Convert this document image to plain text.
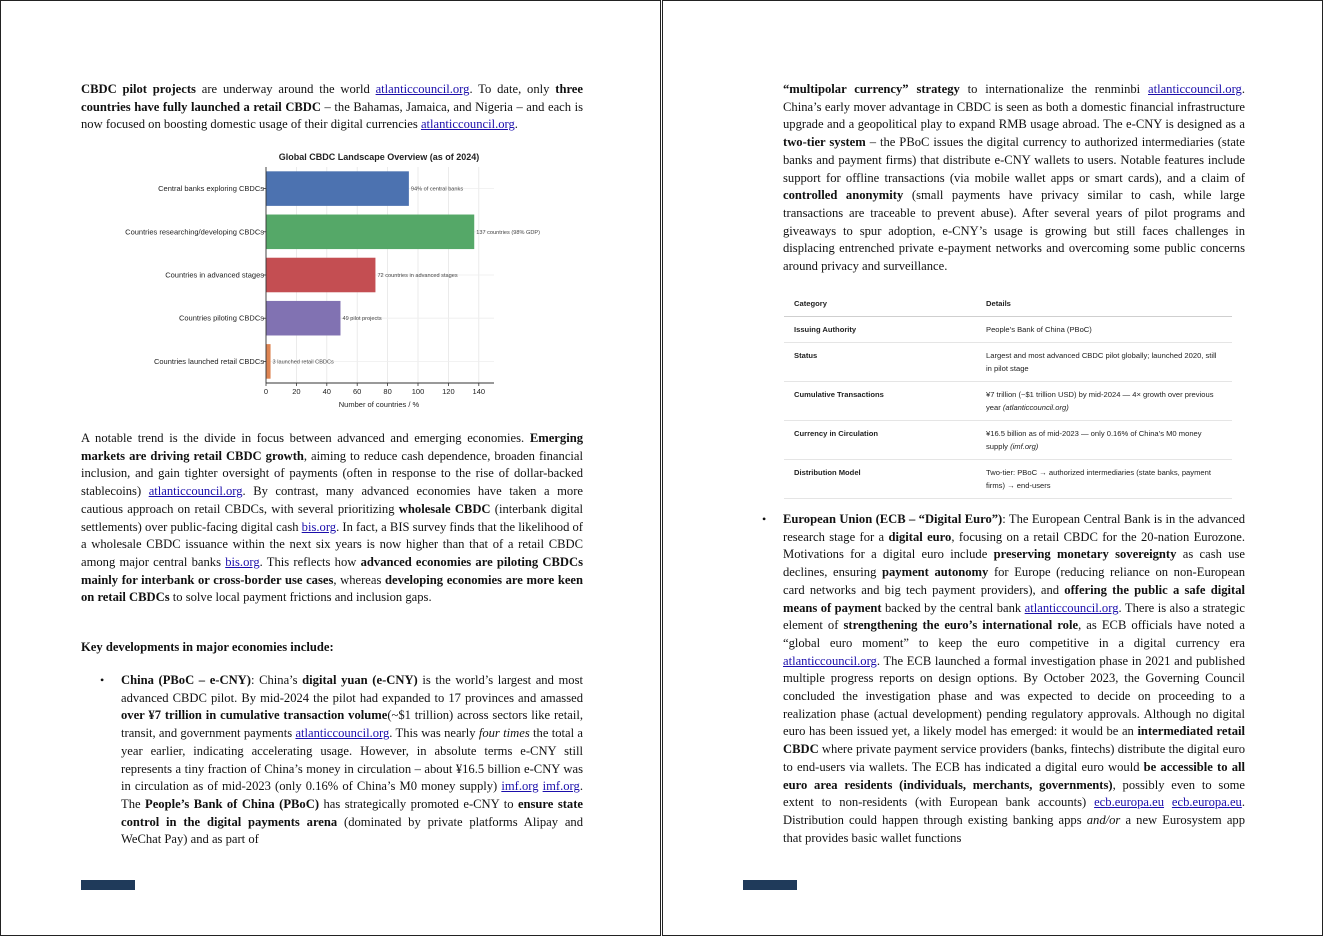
CBDC pilot projects are underway around the world atlanticcouncil.org. To date, only three countries have fully launched a retail CBDC – the Bahamas, Jamaica, and Nigeria – and each is now focused on boosting domestic usage of their digital currencies atlanticcouncil.org.

Global CBDC Landscape Overview (as of 2024)
94% of central banks
137 countries (98% GDP)
72 countries in advanced stages
49 pilot projects
3 launched retail CBDCs
0	20	40	60	80	100 120 140
Central banks exploring CBDCs
Countries researching/developing CBDCs
Countries in advanced stages
Countries piloting CBDCs
Countries launched retail CBDCs
Number of countries / %

A notable trend is the divide in focus between advanced and emerging economies. Emerging markets are driving retail CBDC growth, aiming to reduce cash dependence, broaden financial inclusion, and gain tighter oversight of payments (often in response to the rise of dollar-backed stablecoins) atlanticcouncil.org. By contrast, many advanced economies have taken a more cautious approach on retail CBDCs, with several prioritizing wholesale CBDC (interbank digital settlements) over public-facing digital cash bis.org. In fact, a BIS survey finds that the likelihood of a wholesale CBDC issuance within the next six years is now higher than that of a retail CBDC among major central banks bis.org. This reflects how advanced economies are piloting CBDCs mainly for interbank or cross-border use cases, whereas developing economies are more keen on retail CBDCs to solve local payment frictions and inclusion gaps.

Key developments in major economies include:

• China (PBoC – e-CNY): China’s digital yuan (e-CNY) is the world’s largest and most advanced CBDC pilot. By mid-2024 the pilot had expanded to 17 provinces and amassed over ¥7 trillion in cumulative transaction volume(~$1 trillion) across sectors like retail, transit, and government payments atlanticcouncil.org. This was nearly four times the total a year earlier, indicating accelerating usage. However, in absolute terms e-CNY still represents a tiny fraction of China’s money in circulation – about ¥16.5 billion e-CNY was in circulation as of mid-2023 (only 0.16% of China’s M0 money supply) imf.org imf.org. The People’s Bank of China (PBoC) has strategically promoted e-CNY to ensure state control in the digital payments arena (dominated by private platforms Alipay and WeChat Pay) and as part of

“multipolar currency” strategy to internationalize the renminbi atlanticcouncil.org. China’s early mover advantage in CBDC is seen as both a domestic financial infrastructure upgrade and a geopolitical play to expand RMB usage abroad. The e-CNY is designed as a two-tier system – the PBoC issues the digital currency to authorized intermediaries (state banks and payment firms) that distribute e-CNY wallets to users. Notable features include support for offline transactions (via mobile wallet apps or smart cards), and a claim of controlled anonymity (small payments have privacy similar to cash, while large transactions are traceable to prevent abuse). After several years of pilot programs and giveaways to spur adoption, e-CNY’s usage is growing but still faces challenges in displacing entrenched private e-payment networks and overcoming some public concerns around privacy and surveillance.

Category	Details
Issuing Authority	People’s Bank of China (PBoC)
Status	Largest and most advanced CBDC pilot globally; launched 2020, still in pilot stage
Cumulative Transactions	¥7 trillion (~$1 trillion USD) by mid-2024 — 4× growth over previous year (atlanticcouncil.org)
Currency in Circulation	¥16.5 billion as of mid-2023 — only 0.16% of China’s M0 money supply (imf.org)
Distribution Model	Two-tier: PBoC → authorized intermediaries (state banks, payment firms) → end-users
• European Union (ECB – “Digital Euro”): The European Central Bank is in the advanced research stage for a digital euro, focusing on a retail CBDC for the 20-nation Eurozone. Motivations for a digital euro include preserving monetary sovereignty as cash use declines, ensuring payment autonomy for Europe (reducing reliance on non-European card networks and big tech payment providers), and offering the public a safe digital means of payment backed by the central bank atlanticcouncil.org. There is also a strategic element of strengthening the euro’s international role, as ECB officials have noted a “global euro moment” to keep the euro competitive in a digital currency era atlanticcouncil.org. The ECB launched a formal investigation phase in 2021 and published multiple progress reports on design options. By October 2023, the Governing Council concluded the investigation phase and was expected to decide on proceeding to a realization phase (actual development) pending regulatory approvals. Although no digital euro has been issued yet, a likely model has emerged: it would be an intermediated retail CBDC where private payment service providers (banks, fintechs) distribute the digital euro to end-users via wallets. The ECB has indicated a digital euro would be accessible to all euro area residents (individuals, merchants, governments), possibly even to some extent to non-residents (with European bank accounts) ecb.europa.eu ecb.europa.eu. Distribution could happen through existing banking apps and/or a new Eurosystem app that provides basic wallet functions
